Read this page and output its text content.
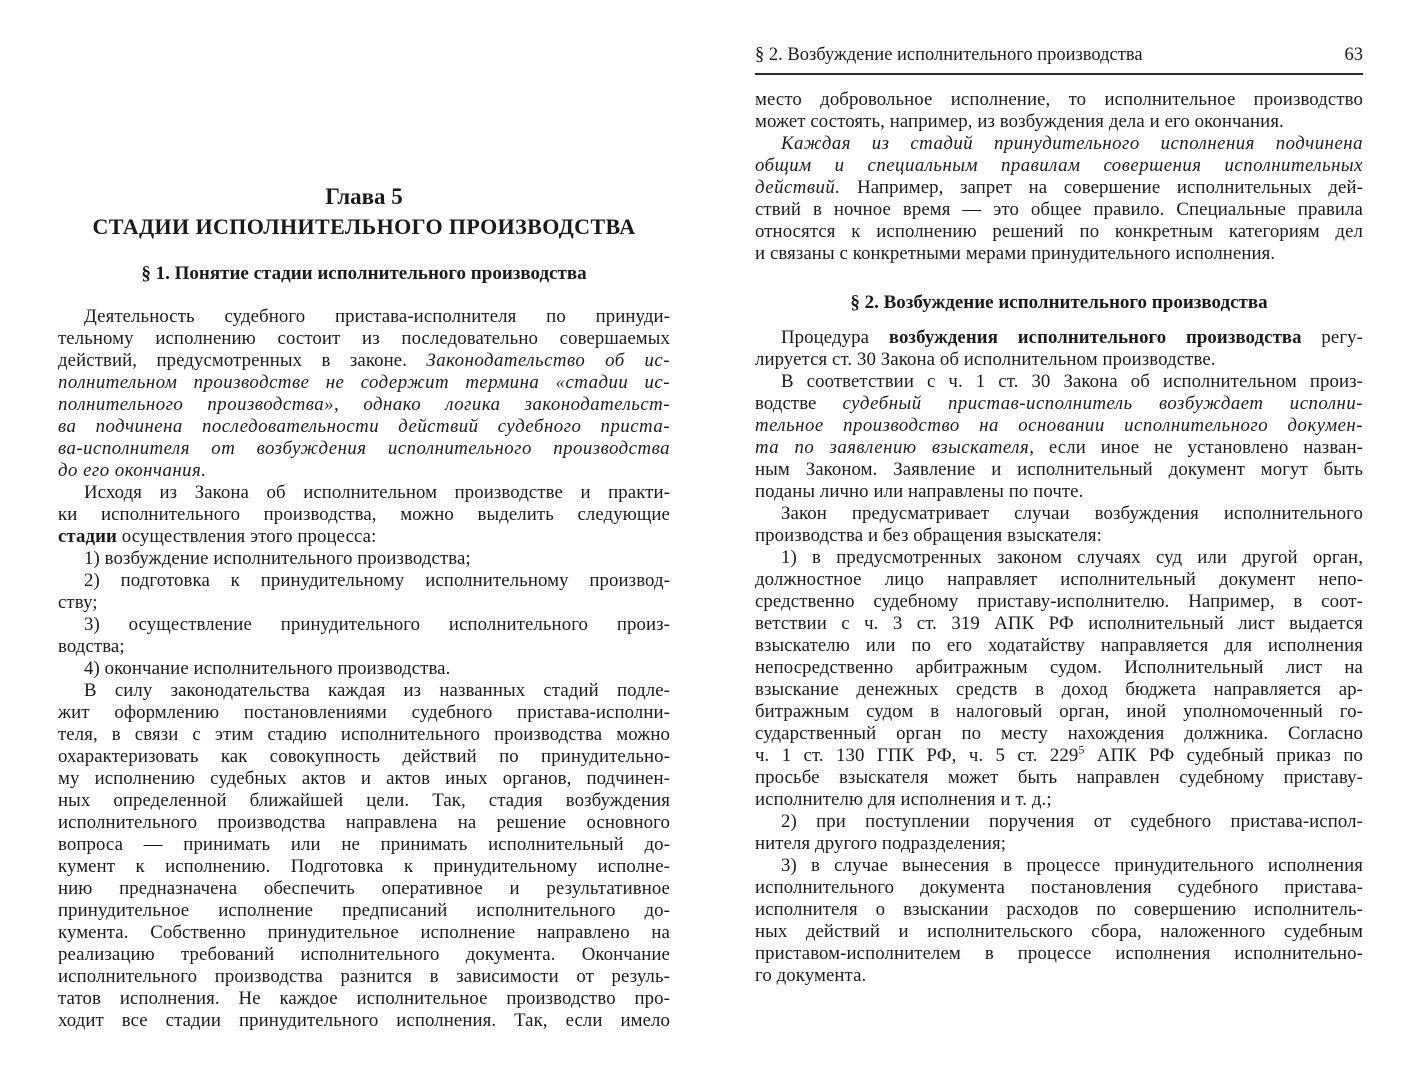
Глава 5
СТАДИИ ИСПОЛНИТЕЛЬНОГО ПРОИЗВОДСТВА
§ 1. Понятие стадии исполнительного производства
Деятельность судебного пристава-исполнителя по принуди-
тельному исполнению состоит из последовательно совершаемых
действий, предусмотренных в законе. Законодательство об ис-
полнительном производстве не содержит термина «стадии ис-
полнительного производства», однако логика законодательст-
ва подчинена последовательности действий судебного приста-
ва-исполнителя от возбуждения исполнительного производства
до его окончания.
Исходя из Закона об исполнительном производстве и практи-
ки исполнительного производства, можно выделить следующие
стадии осуществления этого процесса:
1) возбуждение исполнительного производства;
2) подготовка к принудительному исполнительному производ-
ству;
3) осуществление принудительного исполнительного произ-
водства;
4) окончание исполнительного производства.
В силу законодательства каждая из названных стадий подле-
жит оформлению постановлениями судебного пристава-исполни-
теля, в связи с этим стадию исполнительного производства можно
охарактеризовать как совокупность действий по принудительно-
му исполнению судебных актов и актов иных органов, подчинен-
ных определенной ближайшей цели. Так, стадия возбуждения
исполнительного производства направлена на решение основного
вопроса — принимать или не принимать исполнительный до-
кумент к исполнению. Подготовка к принудительному исполне-
нию предназначена обеспечить оперативное и результативное
принудительное исполнение предписаний исполнительного до-
кумента. Собственно принудительное исполнение направлено на
реализацию требований исполнительного документа. Окончание
исполнительного производства разнится в зависимости от резуль-
татов исполнения. Не каждое исполнительное производство про-
ходит все стадии принудительного исполнения. Так, если имело
§ 2. Возбуждение исполнительного производства	63
место добровольное исполнение, то исполнительное производство
может состоять, например, из возбуждения дела и его окончания.
Каждая из стадий принудительного исполнения подчинена
общим и специальным правилам совершения исполнительных
действий. Например, запрет на совершение исполнительных дей-
ствий в ночное время — это общее правило. Специальные правила
относятся к исполнению решений по конкретным категориям дел
и связаны с конкретными мерами принудительного исполнения.
§ 2. Возбуждение исполнительного производства
Процедура возбуждения исполнительного производства регу-
лируется ст. 30 Закона об исполнительном производстве.
В соответствии с ч. 1 ст. 30 Закона об исполнительном произ-
водстве судебный пристав-исполнитель возбуждает исполни-
тельное производство на основании исполнительного докумен-
та по заявлению взыскателя, если иное не установлено назван-
ным Законом. Заявление и исполнительный документ могут быть
поданы лично или направлены по почте.
Закон предусматривает случаи возбуждения исполнительного
производства и без обращения взыскателя:
1) в предусмотренных законом случаях суд или другой орган,
должностное лицо направляет исполнительный документ непо-
средственно судебному приставу-исполнителю. Например, в соот-
ветствии с ч. 3 ст. 319 АПК РФ исполнительный лист выдается
взыскателю или по его ходатайству направляется для исполнения
непосредственно арбитражным судом. Исполнительный лист на
взыскание денежных средств в доход бюджета направляется ар-
битражным судом в налоговый орган, иной уполномоченный го-
сударственный орган по месту нахождения должника. Согласно
ч. 1 ст. 130 ГПК РФ, ч. 5 ст. $229^5$ АПК РФ судебный приказ по
просьбе взыскателя может быть направлен судебному приставу-
исполнителю для исполнения и т. д.;
2) при поступлении поручения от судебного пристава-испол-
нителя другого подразделения;
3) в случае вынесения в процессе принудительного исполнения
исполнительного документа постановления судебного пристава-
исполнителя о взыскании расходов по совершению исполнитель-
ных действий и исполнительского сбора, наложенного судебным
приставом-исполнителем в процессе исполнения исполнительно-
го документа.
